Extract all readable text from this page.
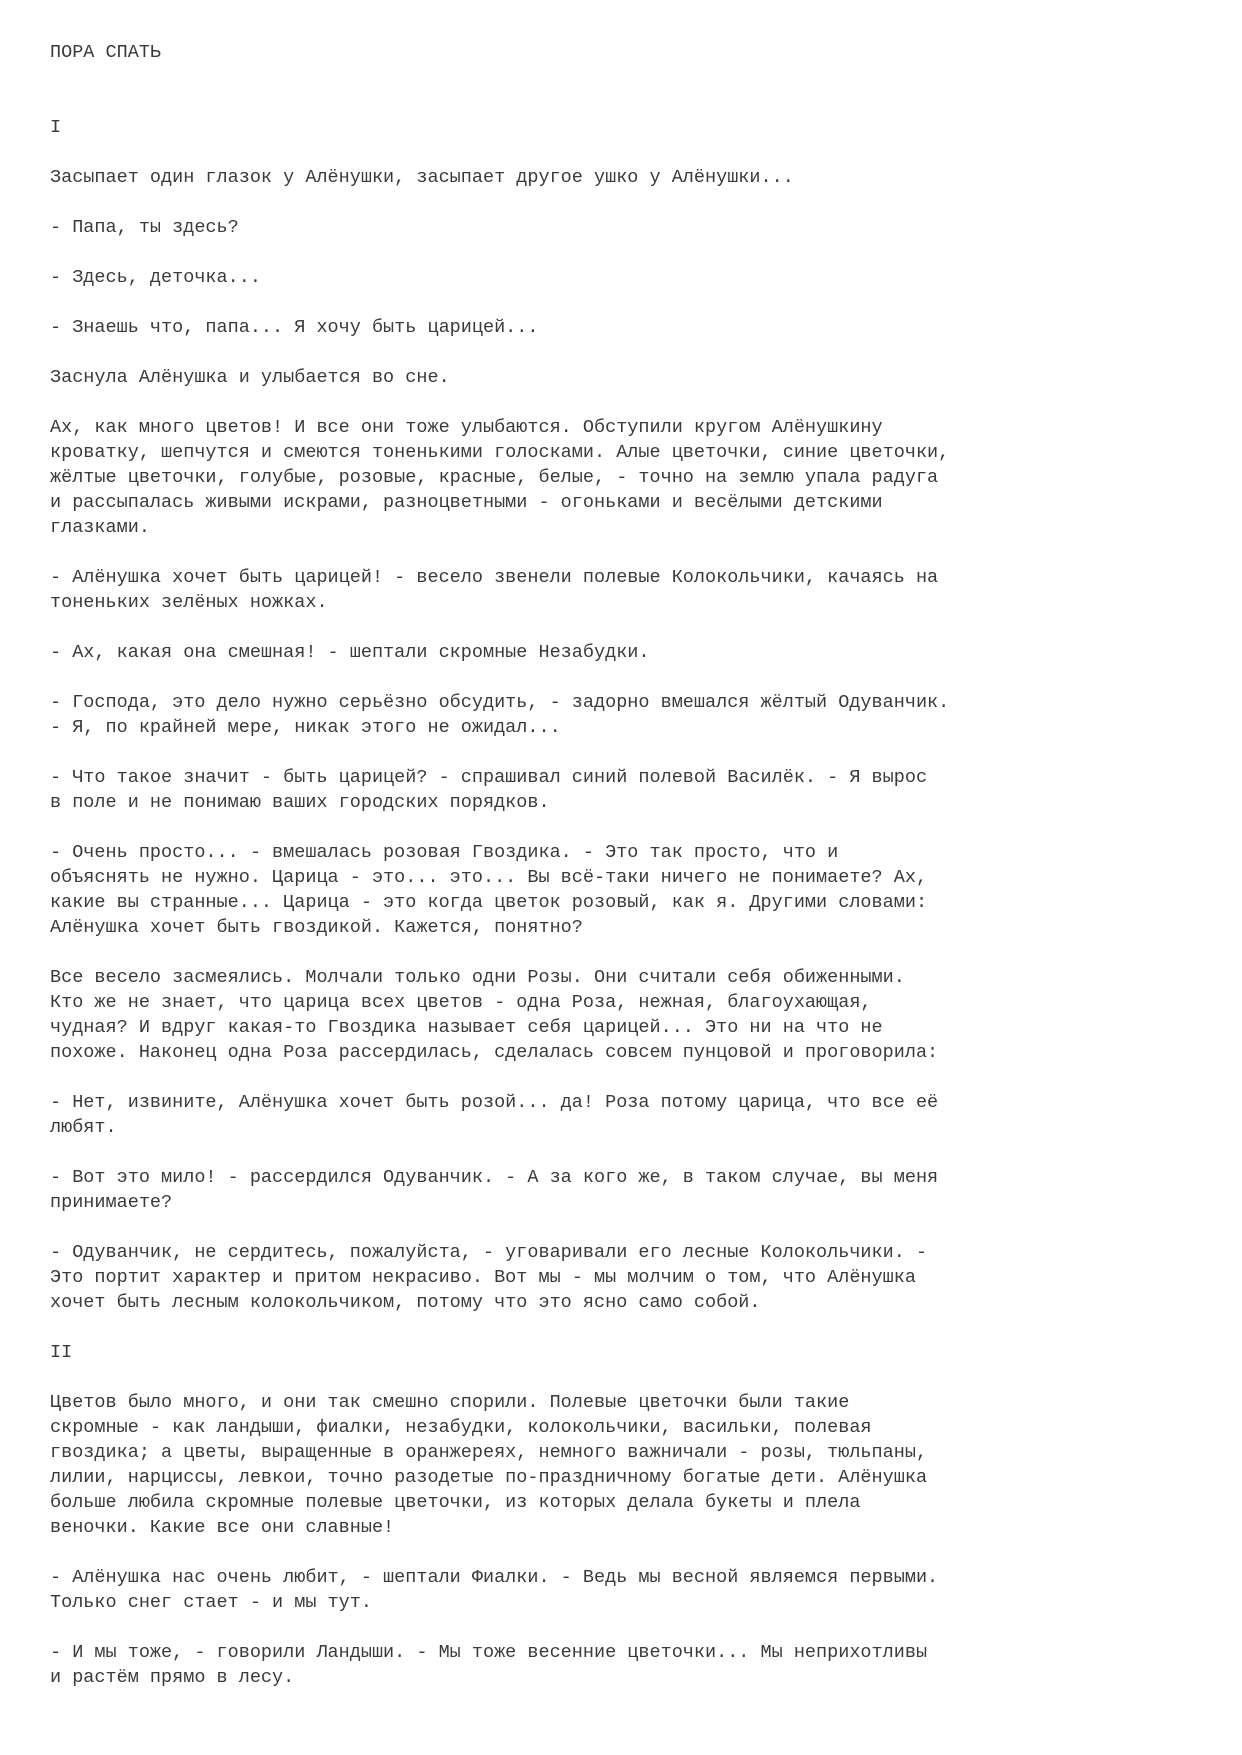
ПОРА СПАТЬ
I
Засыпает один глазок у Алёнушки, засыпает другое ушко у Алёнушки...
- Папа, ты здесь?
- Здесь, деточка...
- Знаешь что, папа... Я хочу быть царицей...
Заснула Алёнушка и улыбается во сне.
Ах, как много цветов! И все они тоже улыбаются. Обступили кругом Алёнушкину
кроватку, шепчутся и смеются тоненькими голосками. Алые цветочки, синие цветочки,
жёлтые цветочки, голубые, розовые, красные, белые, - точно на землю упала радуга
и рассыпалась живыми искрами, разноцветными - огоньками и весёлыми детскими
глазками.
- Алёнушка хочет быть царицей! - весело звенели полевые Колокольчики, качаясь на
тоненьких зелёных ножках.
- Ах, какая она смешная! - шептали скромные Незабудки.
- Господа, это дело нужно серьёзно обсудить, - задорно вмешался жёлтый Одуванчик.
- Я, по крайней мере, никак этого не ожидал...
- Что такое значит - быть царицей? - спрашивал синий полевой Василёк. - Я вырос
в поле и не понимаю ваших городских порядков.
- Очень просто... - вмешалась розовая Гвоздика. - Это так просто, что и
объяснять не нужно. Царица - это... это... Вы всё-таки ничего не понимаете? Ах,
какие вы странные... Царица - это когда цветок розовый, как я. Другими словами:
Алёнушка хочет быть гвоздикой. Кажется, понятно?
Все весело засмеялись. Молчали только одни Розы. Они считали себя обиженными.
Кто же не знает, что царица всех цветов - одна Роза, нежная, благоухающая,
чудная? И вдруг какая-то Гвоздика называет себя царицей... Это ни на что не
похоже. Наконец одна Роза рассердилась, сделалась совсем пунцовой и проговорила:
- Нет, извините, Алёнушка хочет быть розой... да! Роза потому царица, что все её
любят.
- Вот это мило! - рассердился Одуванчик. - А за кого же, в таком случае, вы меня
принимаете?
- Одуванчик, не сердитесь, пожалуйста, - уговаривали его лесные Колокольчики. -
Это портит характер и притом некрасиво. Вот мы - мы молчим о том, что Алёнушка
хочет быть лесным колокольчиком, потому что это ясно само собой.
II
Цветов было много, и они так смешно спорили. Полевые цветочки были такие
скромные - как ландыши, фиалки, незабудки, колокольчики, васильки, полевая
гвоздика; а цветы, выращенные в оранжереях, немного важничали - розы, тюльпаны,
лилии, нарциссы, левкои, точно разодетые по-праздничному богатые дети. Алёнушка
больше любила скромные полевые цветочки, из которых делала букеты и плела
веночки. Какие все они славные!
- Алёнушка нас очень любит, - шептали Фиалки. - Ведь мы весной являемся первыми.
Только снег стает - и мы тут.
- И мы тоже, - говорили Ландыши. - Мы тоже весенние цветочки... Мы неприхотливы
и растём прямо в лесу.
